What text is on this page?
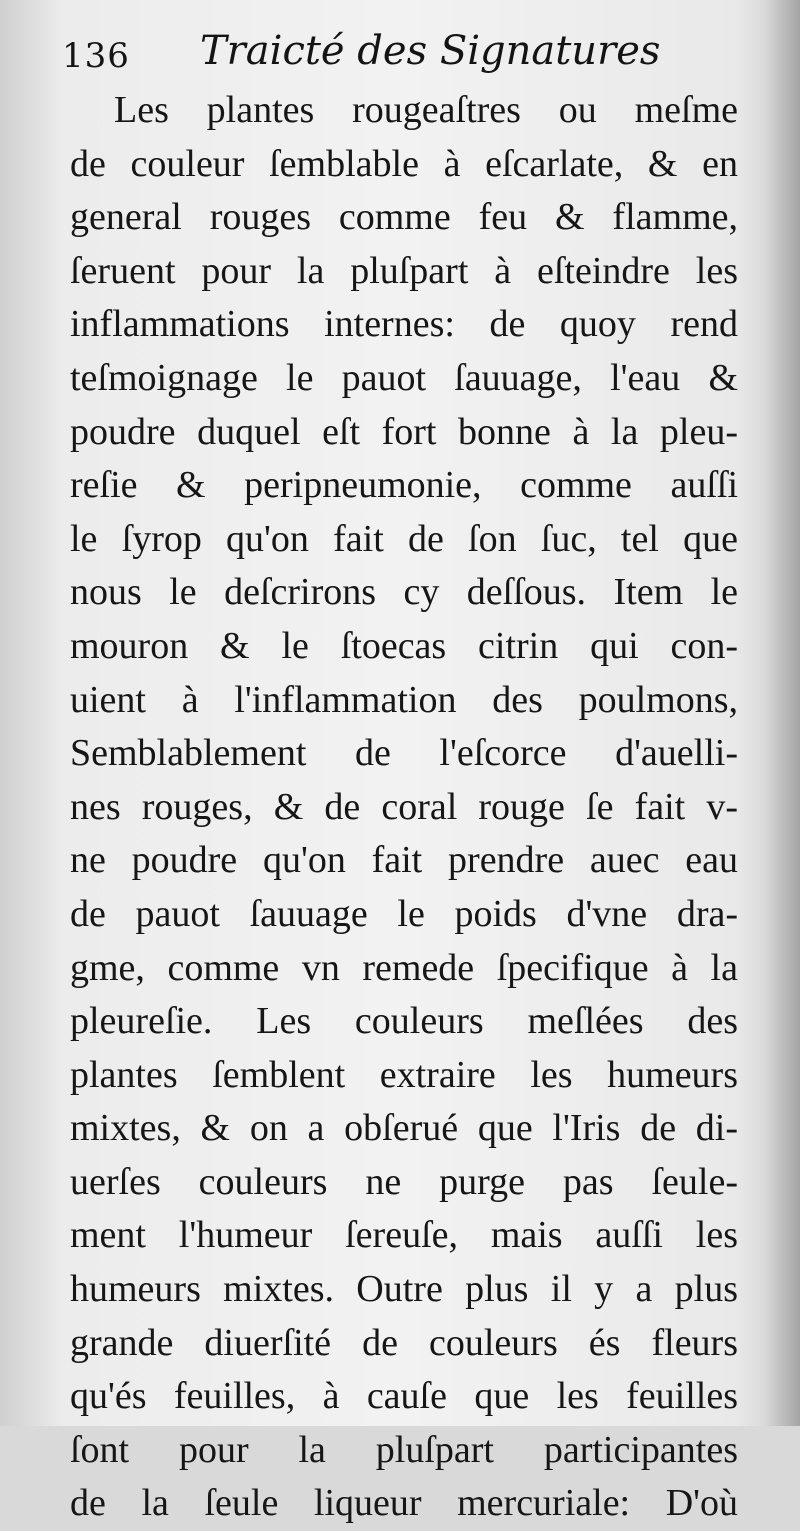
136 Traicté des Signatures
Les plantes rougeaſtres ou meſme
de couleur ſemblable à eſcarlate, & en
general rouges comme feu & flamme,
ſeruent pour la pluſpart à eſteindre les
inflammations internes: de quoy rend
teſmoignage le pauot ſauuage, l'eau &
poudre duquel eſt fort bonne à la pleu-
reſie & peripneumonie, comme auſſi
le ſyrop qu'on fait de ſon ſuc, tel que
nous le deſcrirons cy deſſous. Item le
mouron & le ſtoecas citrin qui con-
uient à l'inflammation des poulmons,
Semblablement de l'eſcorce d'auelli-
nes rouges, & de coral rouge ſe fait v-
ne poudre qu'on fait prendre auec eau
de pauot ſauuage le poids d'vne dra-
gme, comme vn remede ſpecifique à la
pleureſie. Les couleurs meſlées des
plantes ſemblent extraire les humeurs
mixtes, & on a obſerué que l'Iris de di-
uerſes couleurs ne purge pas ſeule-
ment l'humeur ſereuſe, mais auſſi les
humeurs mixtes. Outre plus il y a plus
grande diuerſité de couleurs és fleurs
qu'és feuilles, à cauſe que les feuilles
ſont pour la pluſpart participantes
de la ſeule liqueur mercuriale: D'où
